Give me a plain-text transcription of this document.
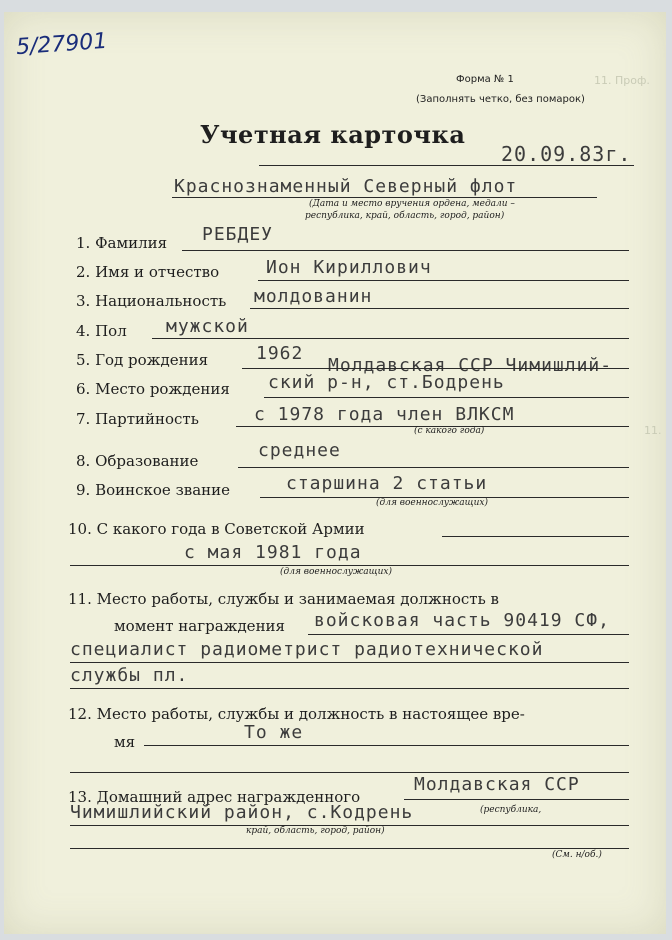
11. Проф.
11.
5/27901
Форма № 1
(Заполнять четко, без помарок)
Учетная карточка
20.09.83г.
Краснознаменный Северный флот
(Дата и место вручения ордена, медали –
республика, край, область, город, район)
1. Фамилия РЕБДЕУ
2. Имя и отчество	Ион Кириллович
3. Национальность молдованин
4. Пол мужской
5. Год рождения	1962
Молдавская ССР Чимишлий-
6. Место рождения ский р-н, ст.Бодрень
7. Партийность	с 1978 года член ВЛКСМ
(с какого года)
8. Образование	среднее
9. Воинское звание	старшина 2 статьи
(для военнослужащих)
10. С какого года в Советской Армии
с мая 1981 года
(для военнослужащих)
11. Место работы, службы и занимаемая должность в
момент награждения войсковая часть 90419 СФ,
специалист радиометрист радиотехнической
службы пл.
12. Место работы, службы и должность в настоящее вре-
мя	То же
13. Домашний адрес награжденного
Молдавская ССР
Чимишлийский район, с.Кодрень	(республика,
край, область, город, район)
(См. н/об.)
